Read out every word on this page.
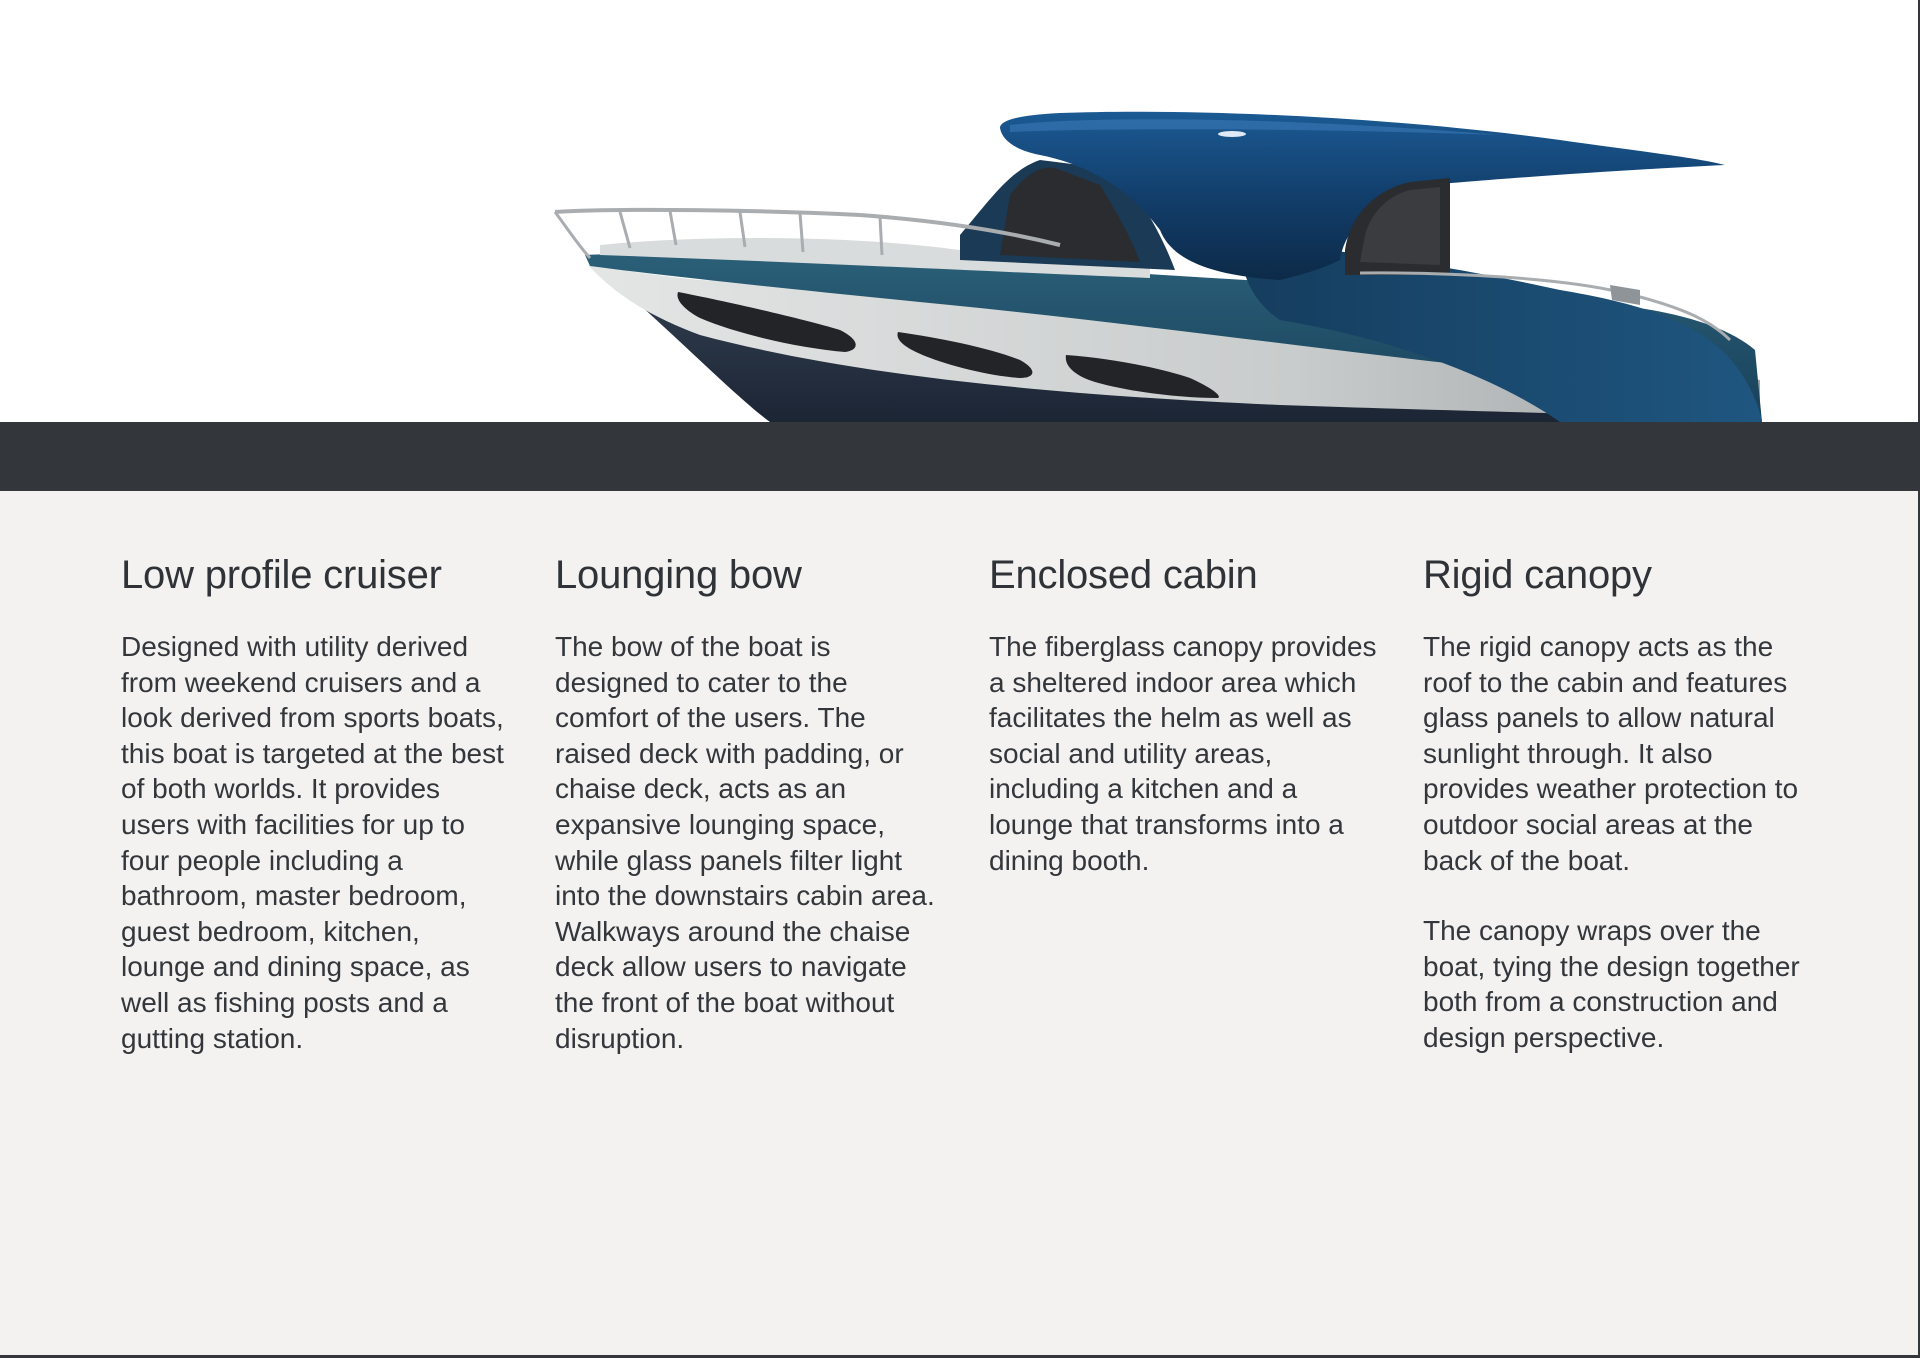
Low profile cruiser

Designed with utility derived from weekend cruisers and a look derived from sports boats, this boat is targeted at the best of both worlds. It provides users with facilities for up to four people including a bathroom, master bedroom, guest bedroom, kitchen, lounge and dining space, as well as fishing posts and a gutting station.

Lounging bow

The bow of the boat is designed to cater to the comfort of the users. The raised deck with padding, or chaise deck, acts as an expansive lounging space, while glass panels filter light into the downstairs cabin area. Walkways around the chaise deck allow users to navigate the front of the boat without disruption.

Enclosed cabin

The fiberglass canopy provides a sheltered indoor area which facilitates the helm as well as social and utility areas, including a kitchen and a lounge that transforms into a dining booth.

Rigid canopy

The rigid canopy acts as the roof to the cabin and features glass panels to allow natural sunlight through. It also provides weather protection to outdoor social areas at the back of the boat.

The canopy wraps over the boat, tying the design together both from a construction and design perspective.
